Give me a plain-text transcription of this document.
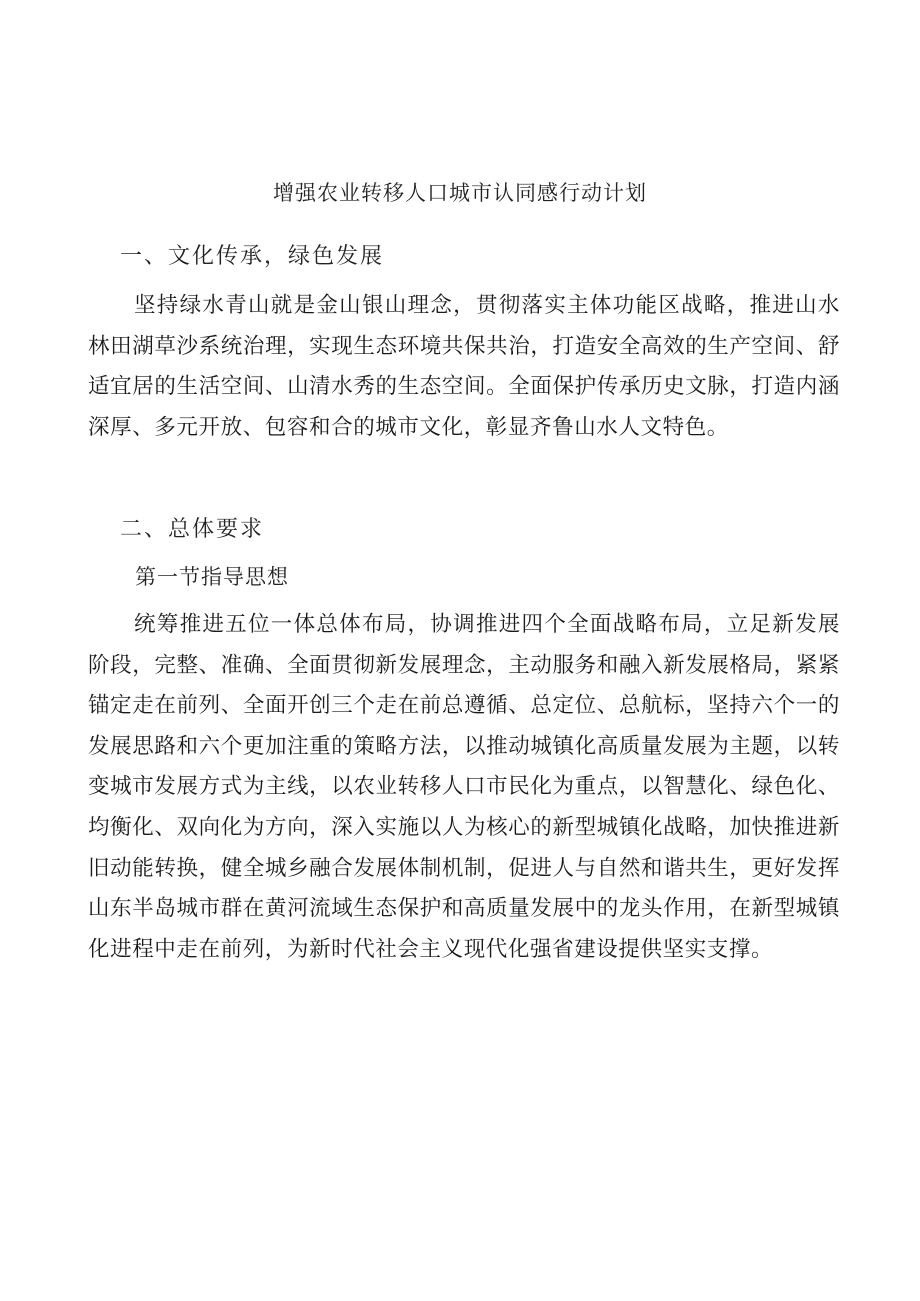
增强农业转移人口城市认同感行动计划
一、文化传承，绿色发展

坚持绿水青山就是金山银山理念，贯彻落实主体功能区战略，推进山水林田湖草沙系统治理，实现生态环境共保共治，打造安全高效的生产空间、舒适宜居的生活空间、山清水秀的生态空间。全面保护传承历史文脉，打造内涵深厚、多元开放、包容和合的城市文化，彰显齐鲁山水人文特色。

二、总体要求
第一节指导思想

统筹推进五位一体总体布局，协调推进四个全面战略布局，立足新发展阶段，完整、准确、全面贯彻新发展理念，主动服务和融入新发展格局，紧紧锚定走在前列、全面开创三个走在前总遵循、总定位、总航标，坚持六个一的发展思路和六个更加注重的策略方法，以推动城镇化高质量发展为主题，以转变城市发展方式为主线，以农业转移人口市民化为重点，以智慧化、绿色化、均衡化、双向化为方向，深入实施以人为核心的新型城镇化战略，加快推进新旧动能转换，健全城乡融合发展体制机制，促进人与自然和谐共生，更好发挥山东半岛城市群在黄河流域生态保护和高质量发展中的龙头作用，在新型城镇化进程中走在前列，为新时代社会主义现代化强省建设提供坚实支撑。
